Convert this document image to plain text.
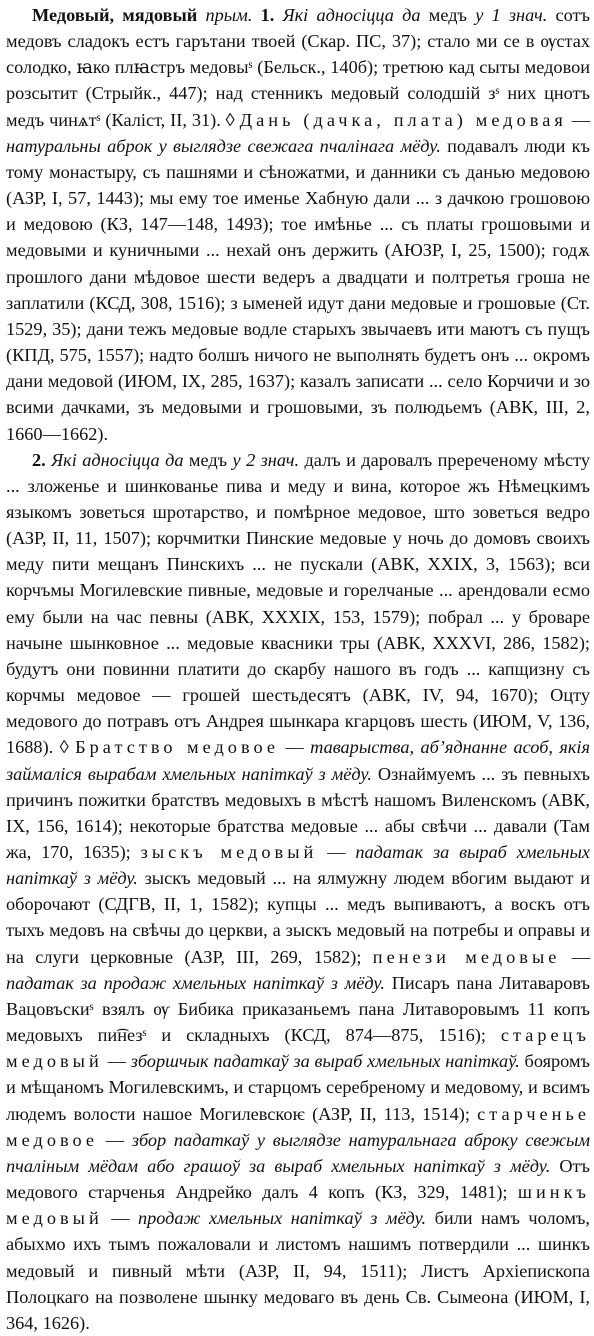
Медовый, мядовый прым. 1. Які адносіцца да медъ у 1 знач. сотъ медовъ сладокъ естъ гарътани твоей (Скар. ПС, 37); стало ми се в ѹстах солодко, ꙗко плꙗстръ медовыˢ (Бельск., 140б); третюю кад сыты медовои розсытит (Стрыйк., 447); над стенникъ медовый солодшій зˢ них цнотъ медъ чинѧтˢ (Каліст, II, 31). ◊ Дань (дачка, плата) медовая — натуральны аброк у выглядзе свежага пчалінага мёду. подавалъ люди къ тому монастыру, съ пашнями и сѣножатми, и данники съ данью медовою (АЗР, I, 57, 1443); мы ему тое именье Хабную дали ... з дачкою грошовою и медовою (КЗ, 147—148, 1493); тое имѣнье ... съ платы грошовыми и медовыми и куничными ... нехай онъ держить (АЮЗР, I, 25, 1500); годѫ прошлого дани мѣдовое шести ведеръ а двадцати и полтретья гроша не заплатили (КСД, 308, 1516); з ыменей идут дани медовые и грошовые (Ст. 1529, 35); дани тежъ медовые водле старыхъ звычаевъ ити маютъ съ пущъ (КПД, 575, 1557); надто болшъ ничого не выполнять будетъ онъ ... окромъ дани медовой (ИЮМ, IX, 285, 1637); казалъ записати ... село Корчичи и зо всими дачками, зъ медовыми и грошовыми, зъ полюдьемъ (АВК, III, 2, 1660—1662).

2. Які адносіцца да медъ у 2 знач. далъ и даровалъ пререченому мѣсту ... зложенье и шинкованье пива и меду и вина, которое жъ Нѣмецкимъ языкомъ зоветься шротарство, и помѣрное медовое, што зоветься ведро (АЗР, II, 11, 1507); корчмитки Пинские медовые у ночь до домовъ своихъ меду пити мещанъ Пинскихъ ... не пускали (АВК, XXIX, 3, 1563); вси корчъмы Могилевские пивные, медовые и горелчаные ... арендовали есмо ему были на час певны (АВК, XXXIX, 153, 1579); побрал ... у броваре начыне шынковное ... медовые квасники тры (АВК, XXXVI, 286, 1582); будутъ они повинни платити до скарбу нашого въ годъ ... капщизну съ корчмы медовое — грошей шестьдесятъ (АВК, IV, 94, 1670); Оцту медового до потравъ отъ Андрея шынкара кгарцовъ шесть (ИЮМ, V, 136, 1688). ◊ Братство медовое — таварыства, аб’яднанне асоб, якія займаліся вырабам хмельных напіткаў з мёду. Oзнаймуемъ ... зъ певныхъ причинъ пожитки братствъ медовыхъ в мѣстѣ нашомъ Виленскомъ (АВК, IX, 156, 1614); некоторые братства медовые ... абы свѣчи ... давали (Там жа, 170, 1635); зыскъ медовый — падатак за выраб хмельных напіткаў з мёду. зыскъ медовый ... на ялмужну людем вбогим выдают и оборочают (СДГВ, II, 1, 1582); купцы ... медъ выпиваютъ, а воскъ отъ тыхъ медовъ на свѣчы до церкви, а зыскъ медовый на потребы и оправы и на слуги церковные (АЗР, III, 269, 1582); пенези медовые — падатак за продаж хмельных напіткаў з мёду. Писаръ пана Литаваровъ Вацовъскиˢ взялъ ѹ Бибика приказаньемъ пана Литаворовымъ 11 копъ медовыхъ пи͡незˢ и складныхъ (КСД, 874—875, 1516); старецъ медовый — зборшчык падаткаў за выраб хмельных напіткаў. бояромъ и мѣщаномъ Могилевскимъ, и старцомъ серебреному и медовому, и всимъ людемъ волости нашое Могилевскоѥ (АЗР, II, 113, 1514); старченье медовое — збор падаткаў у выглядзе натуральнага аброку свежым пчаліным мёдам або грашоў за выраб хмельных напіткаў з мёду. Отъ медового старченья Андрейко далъ 4 копъ (КЗ, 329, 1481); шинкъ медовый — продаж хмельных напіткаў з мёду. били намъ чоломъ, абыхмо ихъ тымъ пожаловали и листомъ нашимъ потвердили ... шинкъ медовый и пивный мѣти (АЗР, II, 94, 1511); Листъ Архіепископа Полоцкаго на позволене шынку медоваго въ день Св. Сымеона (ИЮМ, I, 364, 1626).
